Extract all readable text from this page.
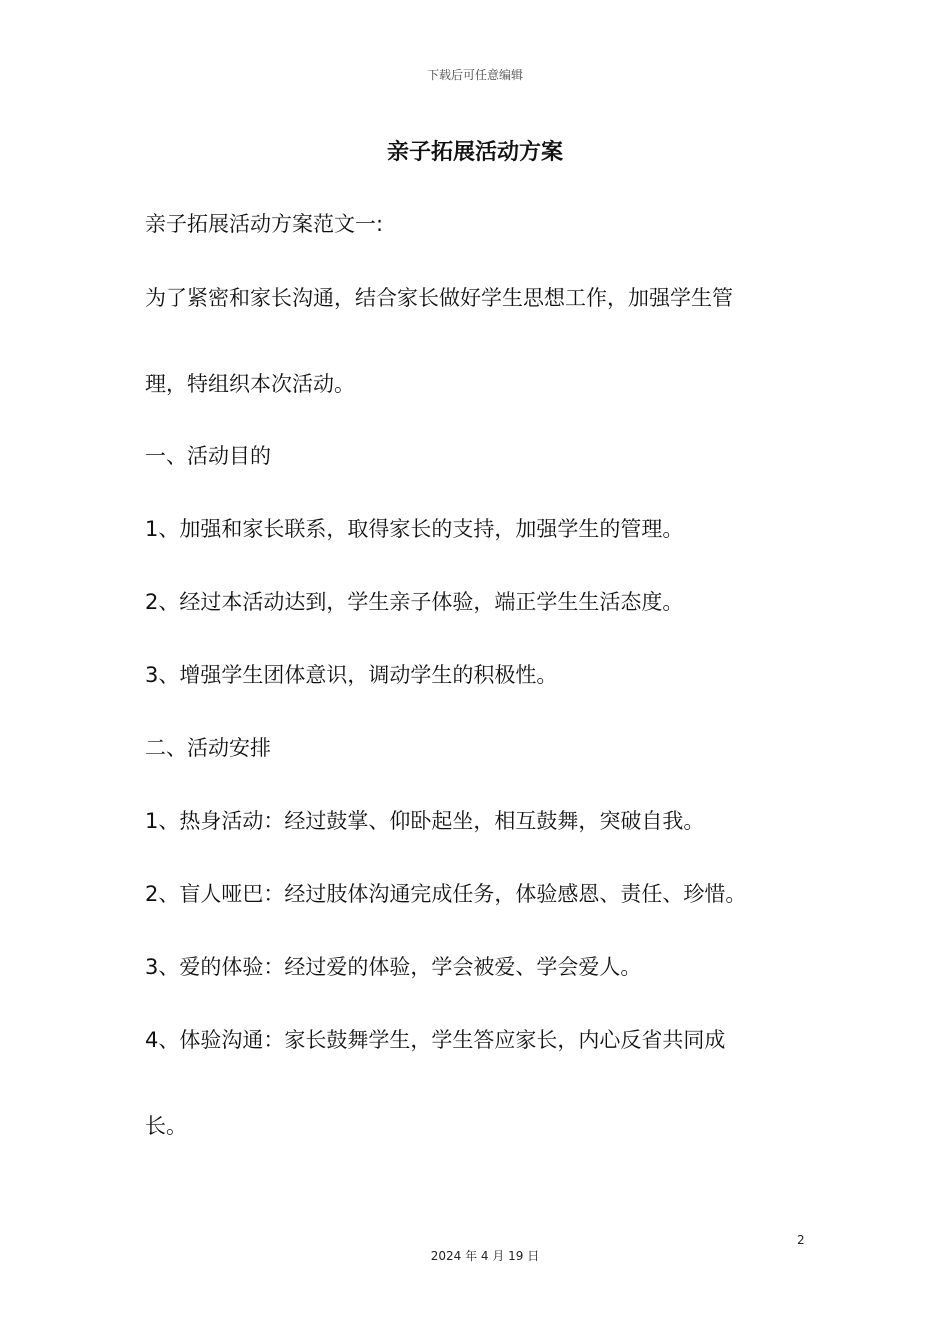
下载后可任意编辑
亲子拓展活动方案
亲子拓展活动方案范文一:
为了紧密和家长沟通，结合家长做好学生思想工作，加强学生管
理，特组织本次活动。
一、活动目的
1、加强和家长联系，取得家长的支持，加强学生的管理。
2、经过本活动达到，学生亲子体验，端正学生生活态度。
3、增强学生团体意识，调动学生的积极性。
二、活动安排
1、热身活动：经过鼓掌、仰卧起坐，相互鼓舞，突破自我。
2、盲人哑巴：经过肢体沟通完成任务，体验感恩、责任、珍惜。
3、爱的体验：经过爱的体验，学会被爱、学会爱人。
4、体验沟通：家长鼓舞学生，学生答应家长，内心反省共同成
长。
2
2024 年 4 月 19 日
